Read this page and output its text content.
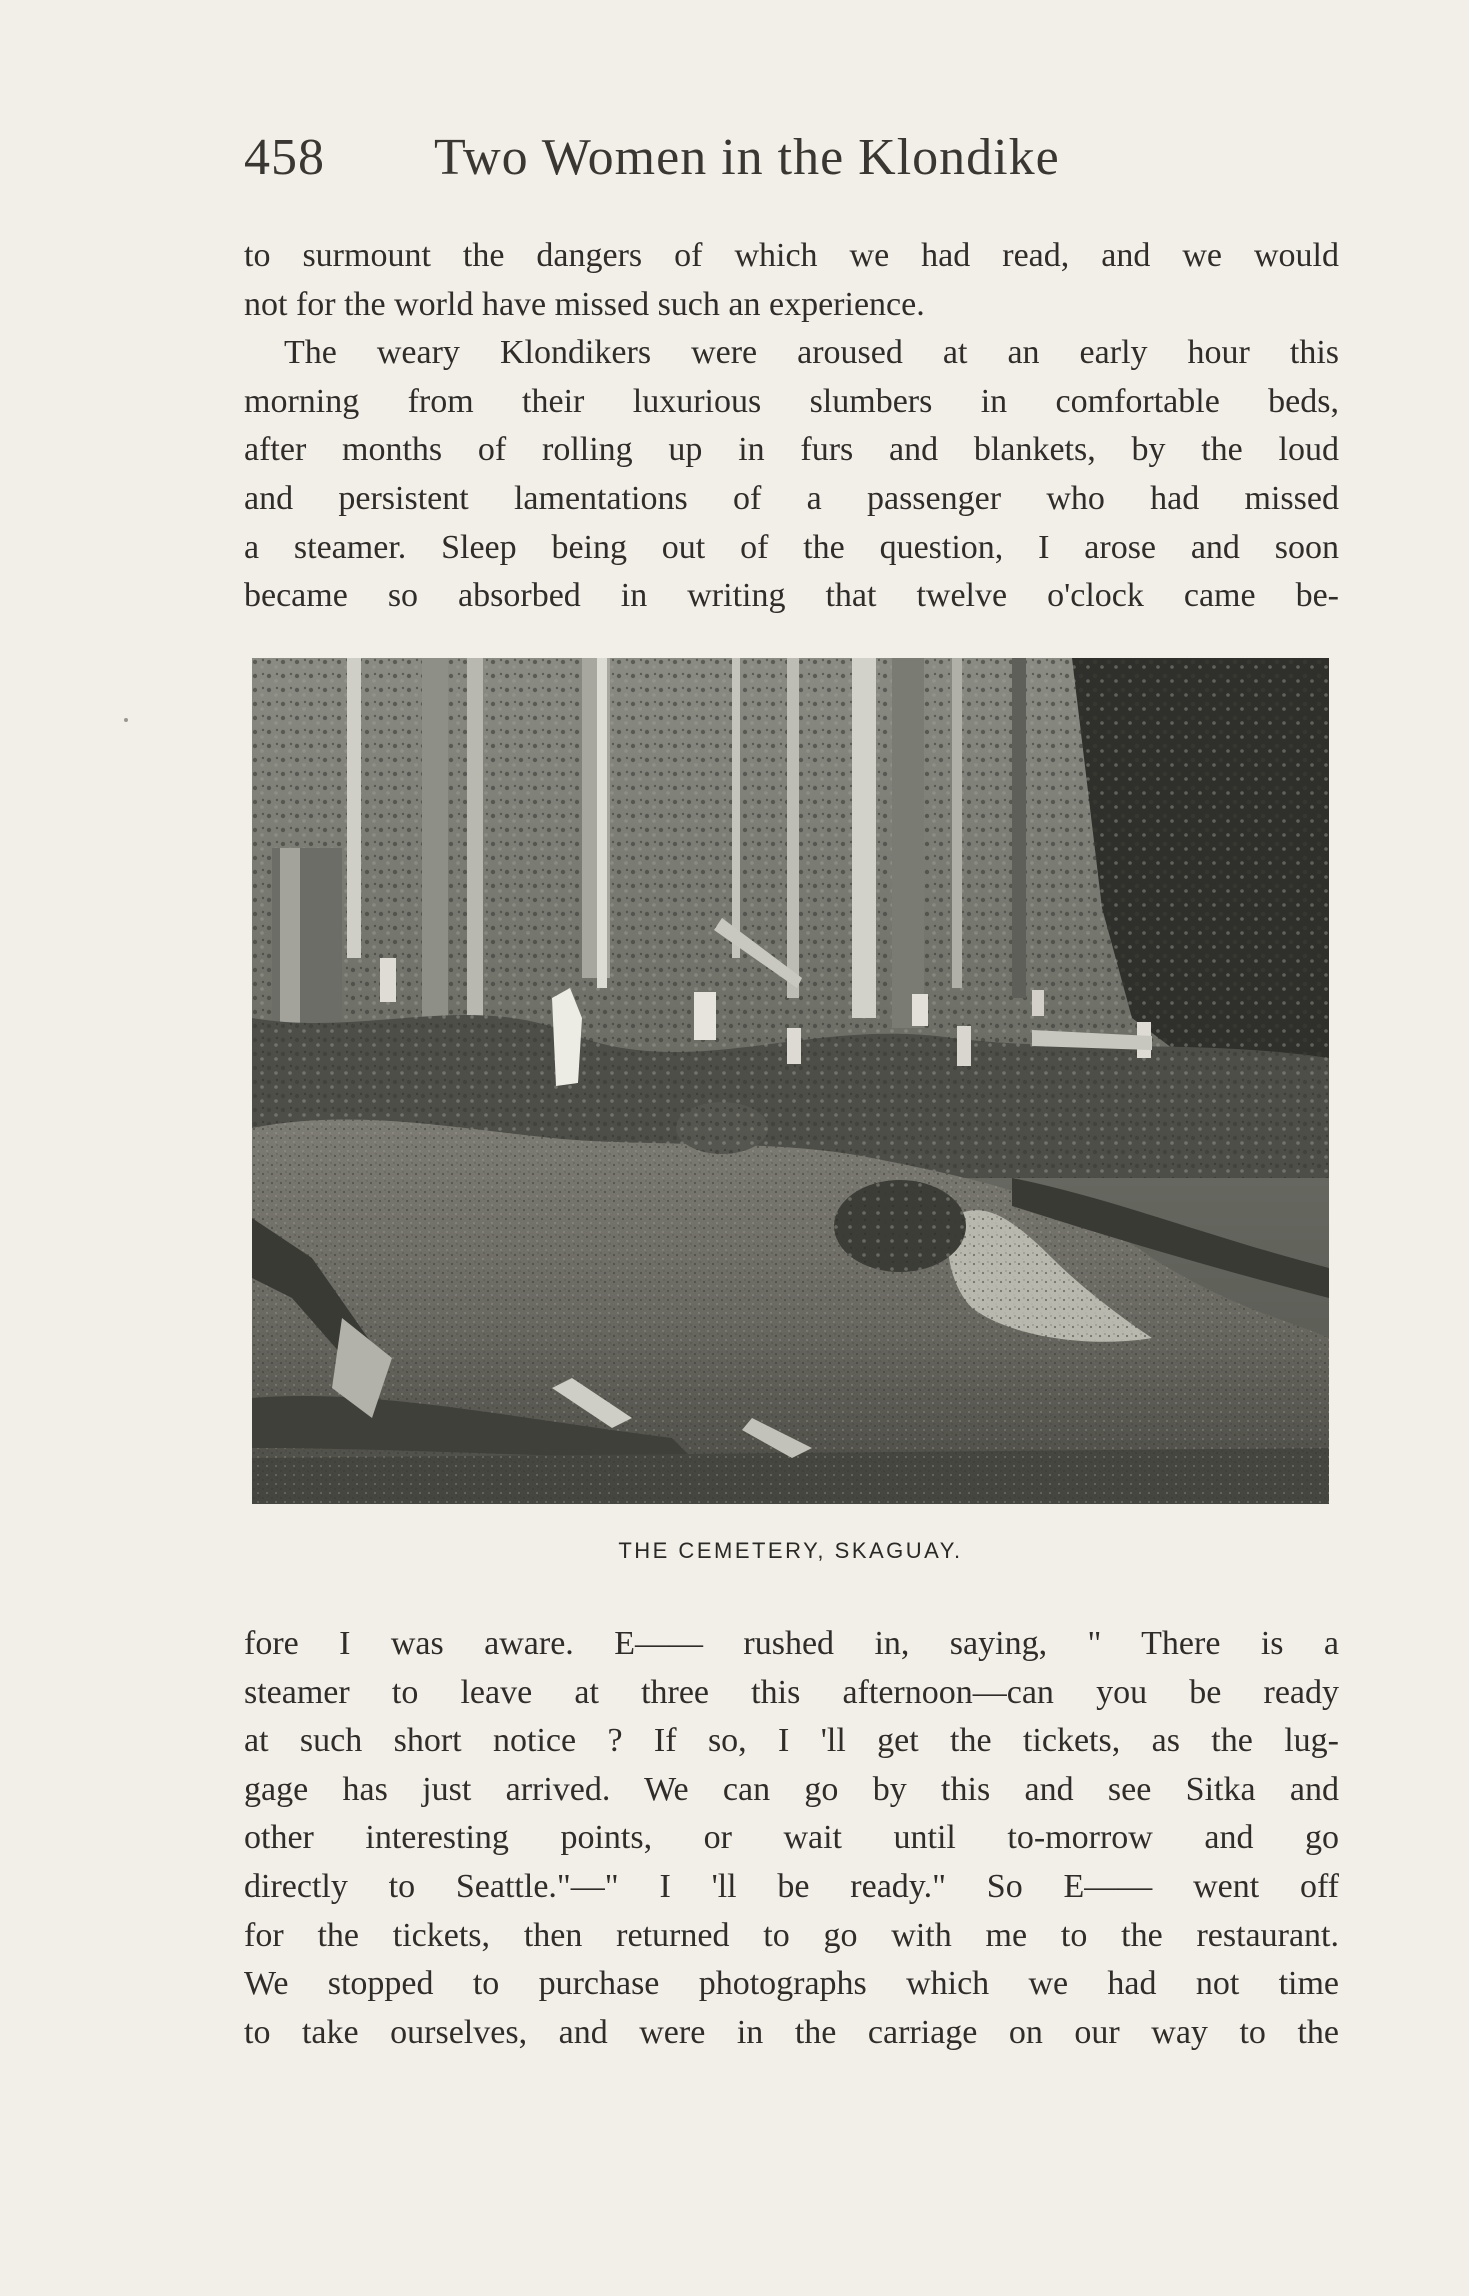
458 Two Women in the Klondike
to surmount the dangers of which we had read, and we would
not for the world have missed such an experience.
The weary Klondikers were aroused at an early hour this
morning from their luxurious slumbers in comfortable beds,
after months of rolling up in furs and blankets, by the loud
and persistent lamentations of a passenger who had missed
a steamer. Sleep being out of the question, I arose and soon
became so absorbed in writing that twelve o'clock came be-
THE CEMETERY, SKAGUAY.
fore I was aware. E—— rushed in, saying, " There is a
steamer to leave at three this afternoon—can you be ready
at such short notice ? If so, I 'll get the tickets, as the lug-
gage has just arrived. We can go by this and see Sitka and
other interesting points, or wait until to-morrow and go
directly to Seattle."—" I 'll be ready." So E—— went off
for the tickets, then returned to go with me to the restaurant.
We stopped to purchase photographs which we had not time
to take ourselves, and were in the carriage on our way to the
